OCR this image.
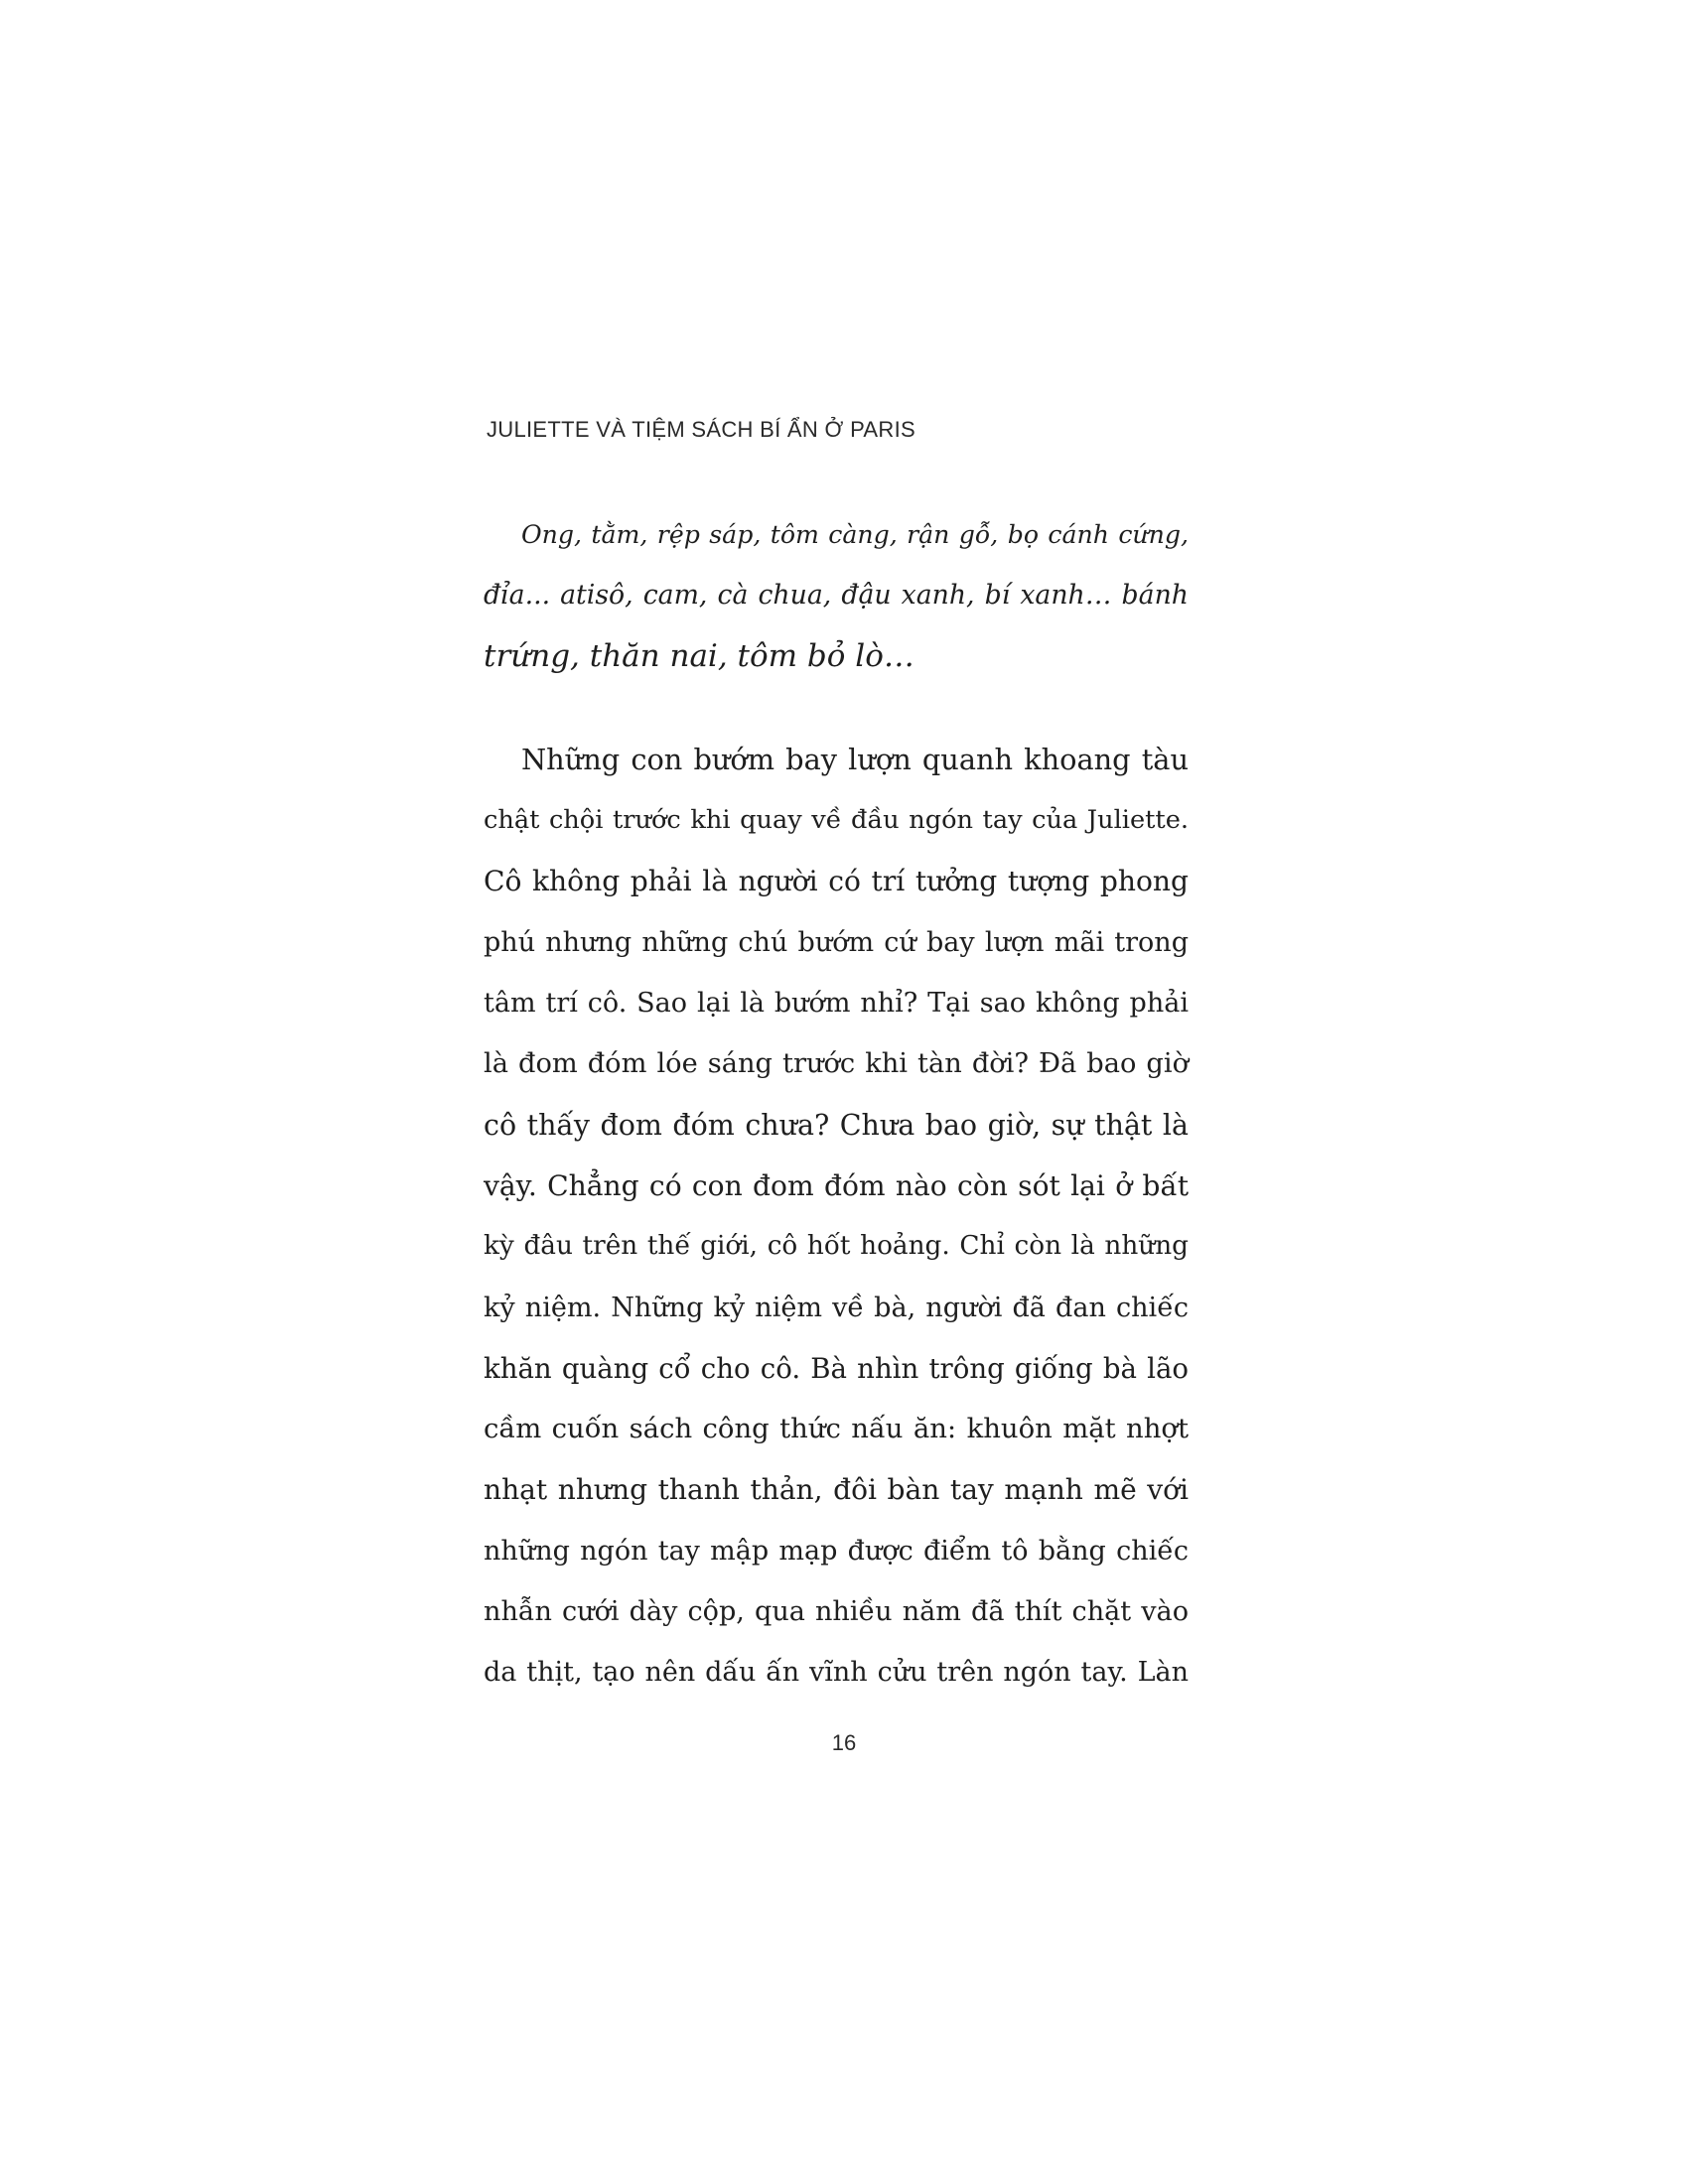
JULIETTE VÀ TIỆM SÁCH BÍ ẨN Ở PARIS
Ong, tằm, rệp sáp, tôm càng, rận gỗ, bọ cánh cứng,
đỉa... atisô, cam, cà chua, đậu xanh, bí xanh… bánh
trứng, thăn nai, tôm bỏ lò…
Những con bướm bay lượn quanh khoang tàu
chật chội trước khi quay về đầu ngón tay của Juliette.
Cô không phải là người có trí tưởng tượng phong
phú nhưng những chú bướm cứ bay lượn mãi trong
tâm trí cô. Sao lại là bướm nhỉ? Tại sao không phải
là đom đóm lóe sáng trước khi tàn đời? Đã bao giờ
cô thấy đom đóm chưa? Chưa bao giờ, sự thật là
vậy. Chẳng có con đom đóm nào còn sót lại ở bất
kỳ đâu trên thế giới, cô hốt hoảng. Chỉ còn là những
kỷ niệm. Những kỷ niệm về bà, người đã đan chiếc
khăn quàng cổ cho cô. Bà nhìn trông giống bà lão
cầm cuốn sách công thức nấu ăn: khuôn mặt nhợt
nhạt nhưng thanh thản, đôi bàn tay mạnh mẽ với
những ngón tay mập mạp được điểm tô bằng chiếc
nhẫn cưới dày cộp, qua nhiều năm đã thít chặt vào
da thịt, tạo nên dấu ấn vĩnh cửu trên ngón tay. Làn
16
